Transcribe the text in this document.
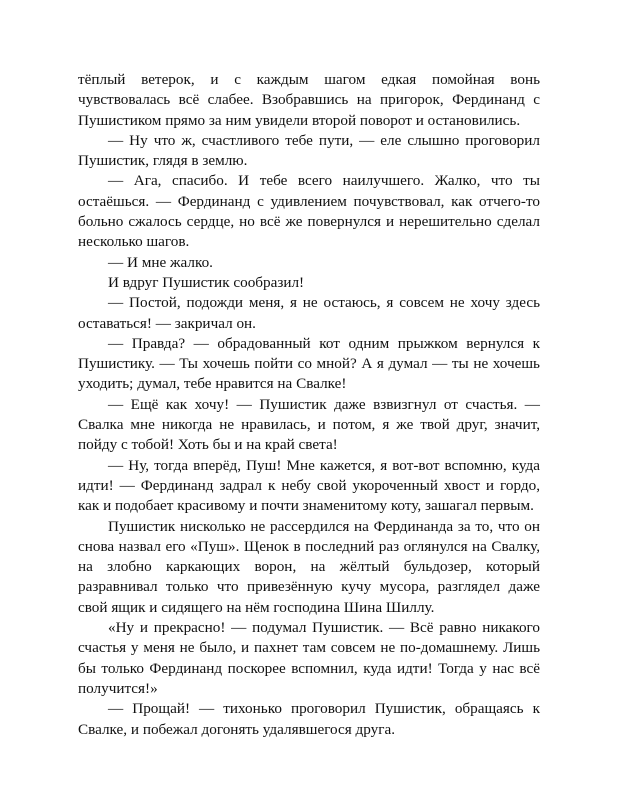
тёплый ветерок, и с каждым шагом едкая помойная вонь чувствовалась всё слабее. Взобравшись на пригорок, Фердинанд с Пушистиком прямо за ним увидели второй поворот и остановились.

— Ну что ж, счастливого тебе пути, — еле слышно проговорил Пушистик, глядя в землю.

— Ага, спасибо. И тебе всего наилучшего. Жалко, что ты остаёшься. — Фердинанд с удивлением почувствовал, как отчего-то больно сжалось сердце, но всё же повернулся и нерешительно сделал несколько шагов.

— И мне жалко.

И вдруг Пушистик сообразил!

— Постой, подожди меня, я не остаюсь, я совсем не хочу здесь оставаться! — закричал он.

— Правда? — обрадованный кот одним прыжком вернулся к Пушистику. — Ты хочешь пойти со мной? А я думал — ты не хочешь уходить; думал, тебе нравится на Свалке!

— Ещё как хочу! — Пушистик даже взвизгнул от счастья. — Свалка мне никогда не нравилась, и потом, я же твой друг, значит, пойду с тобой! Хоть бы и на край света!

— Ну, тогда вперёд, Пуш! Мне кажется, я вот-вот вспомню, куда идти! — Фердинанд задрал к небу свой укороченный хвост и гордо, как и подобает красивому и почти знаменитому коту, зашагал первым.

Пушистик нисколько не рассердился на Фердинанда за то, что он снова назвал его «Пуш». Щенок в последний раз оглянулся на Свалку, на злобно каркающих ворон, на жёлтый бульдозер, который разравнивал только что привезённую кучу мусора, разглядел даже свой ящик и сидящего на нём господина Шина Шиллу.

«Ну и прекрасно! — подумал Пушистик. — Всё равно никакого счастья у меня не было, и пахнет там совсем не по-домашнему. Лишь бы только Фердинанд поскорее вспомнил, куда идти! Тогда у нас всё получится!»

— Прощай! — тихонько проговорил Пушистик, обращаясь к Свалке, и побежал догонять удалявшегося друга.
